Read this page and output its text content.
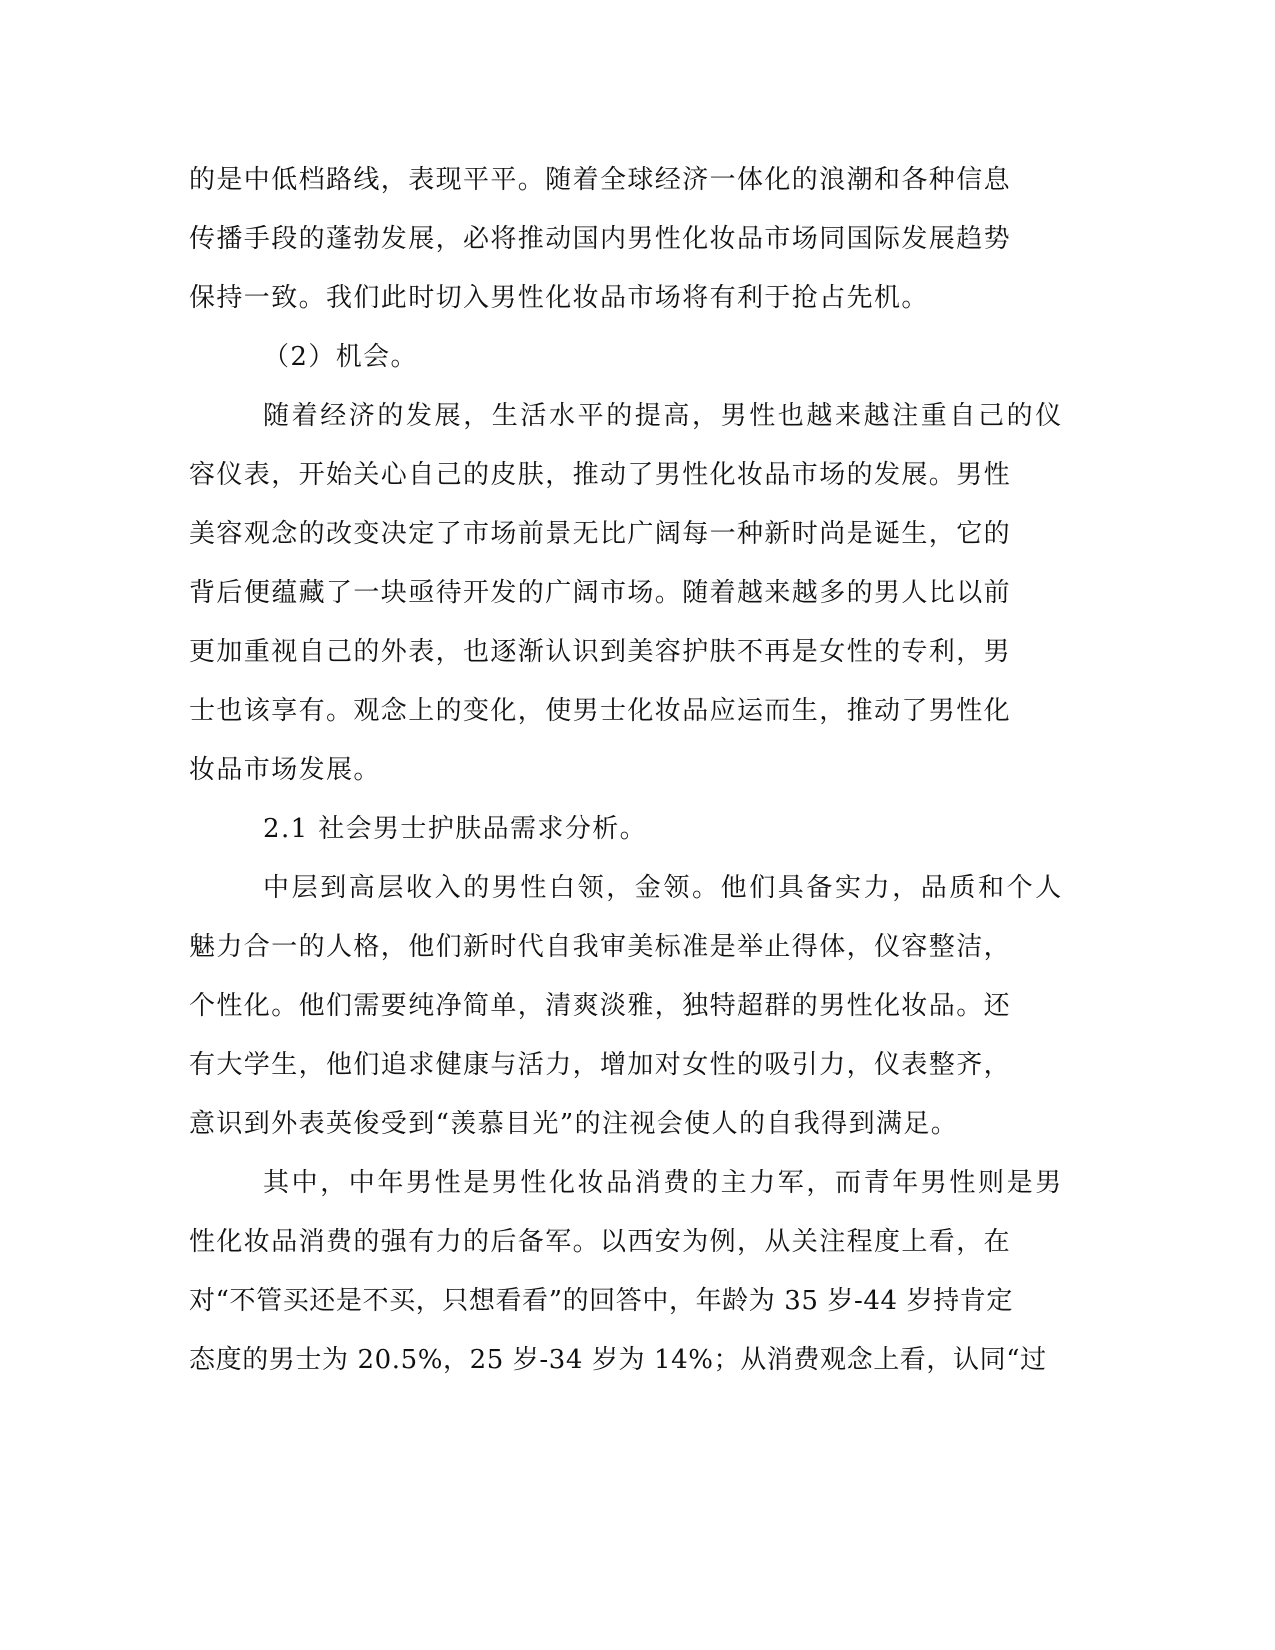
的是中低档路线，表现平平。随着全球经济一体化的浪潮和各种信息

传播手段的蓬勃发展，必将推动国内男性化妆品市场同国际发展趋势

保持一致。我们此时切入男性化妆品市场将有利于抢占先机。

（2）机会。

随着经济的发展，生活水平的提高，男性也越来越注重自己的仪

容仪表，开始关心自己的皮肤，推动了男性化妆品市场的发展。男性

美容观念的改变决定了市场前景无比广阔每一种新时尚是诞生，它的

背后便蕴藏了一块亟待开发的广阔市场。随着越来越多的男人比以前

更加重视自己的外表，也逐渐认识到美容护肤不再是女性的专利，男

士也该享有。观念上的变化，使男士化妆品应运而生，推动了男性化

妆品市场发展。

2.1 社会男士护肤品需求分析。

中层到高层收入的男性白领，金领。他们具备实力，品质和个人

魅力合一的人格，他们新时代自我审美标准是举止得体，仪容整洁，

个性化。他们需要纯净简单，清爽淡雅，独特超群的男性化妆品。还

有大学生，他们追求健康与活力，增加对女性的吸引力，仪表整齐，

意识到外表英俊受到“羡慕目光”的注视会使人的自我得到满足。

其中，中年男性是男性化妆品消费的主力军，而青年男性则是男

性化妆品消费的强有力的后备军。以西安为例，从关注程度上看，在

对“不管买还是不买，只想看看”的回答中，年龄为 35 岁-44 岁持肯定

态度的男士为 20.5%，25 岁-34 岁为 14%；从消费观念上看，认同“过
